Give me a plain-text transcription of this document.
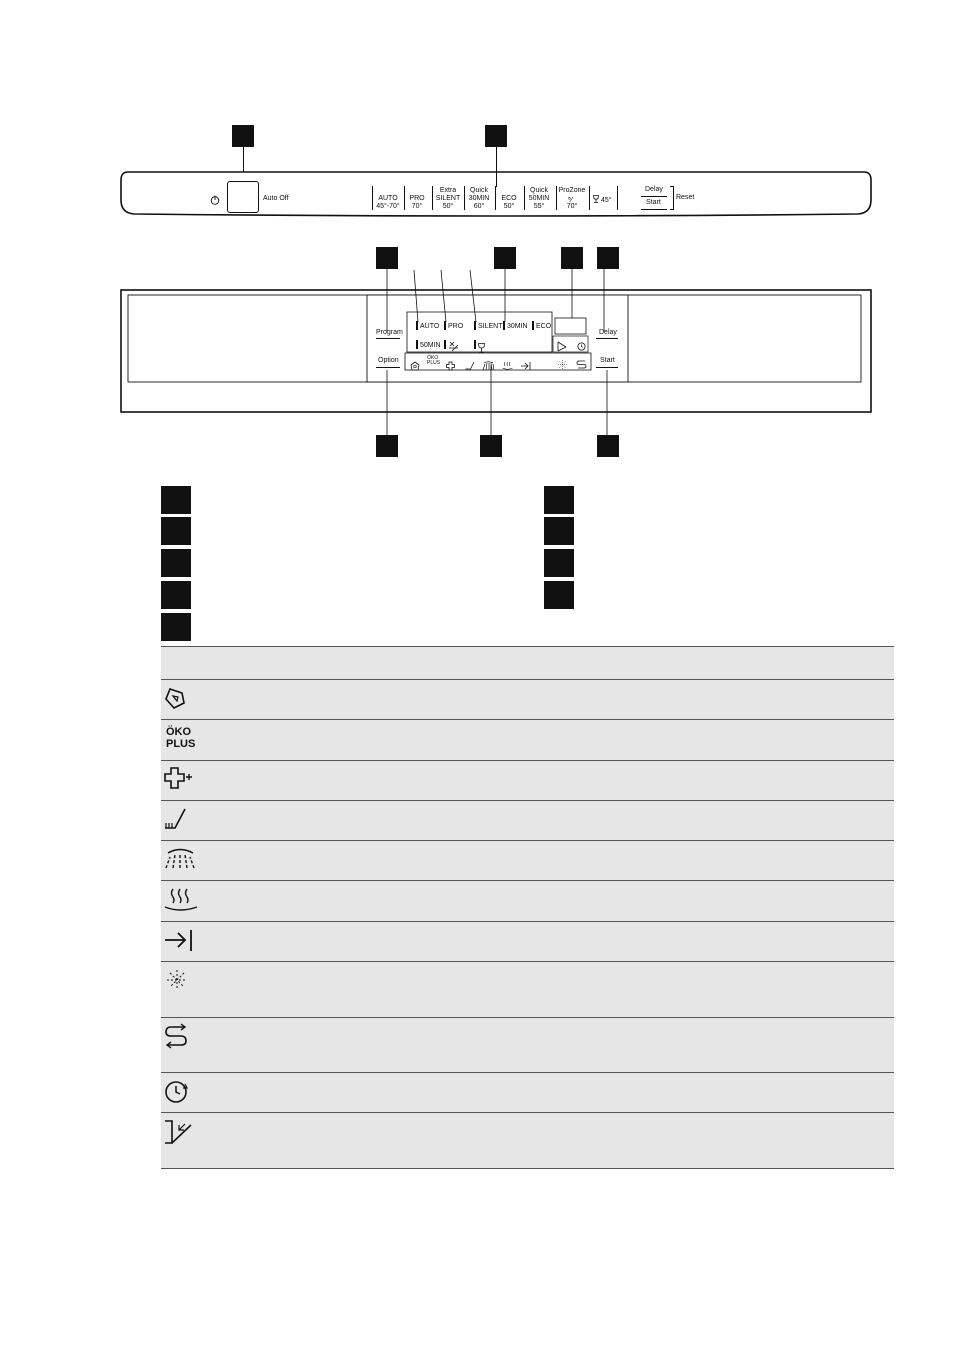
Auto Off	AUTO
45°-70°
PRO
70°
Extra
SILENT
50°
Quick
30MIN
60°
ECO
50°
Quick
50MIN
55°
ProZone
⁸⁄
70°
45°
Delay
Start
Reset
Program
Option
Delay
Start
AUTO PRO SILENT 30MIN ECO
50MIN
ÖKO
PLUS
ÖKO
PLUS
